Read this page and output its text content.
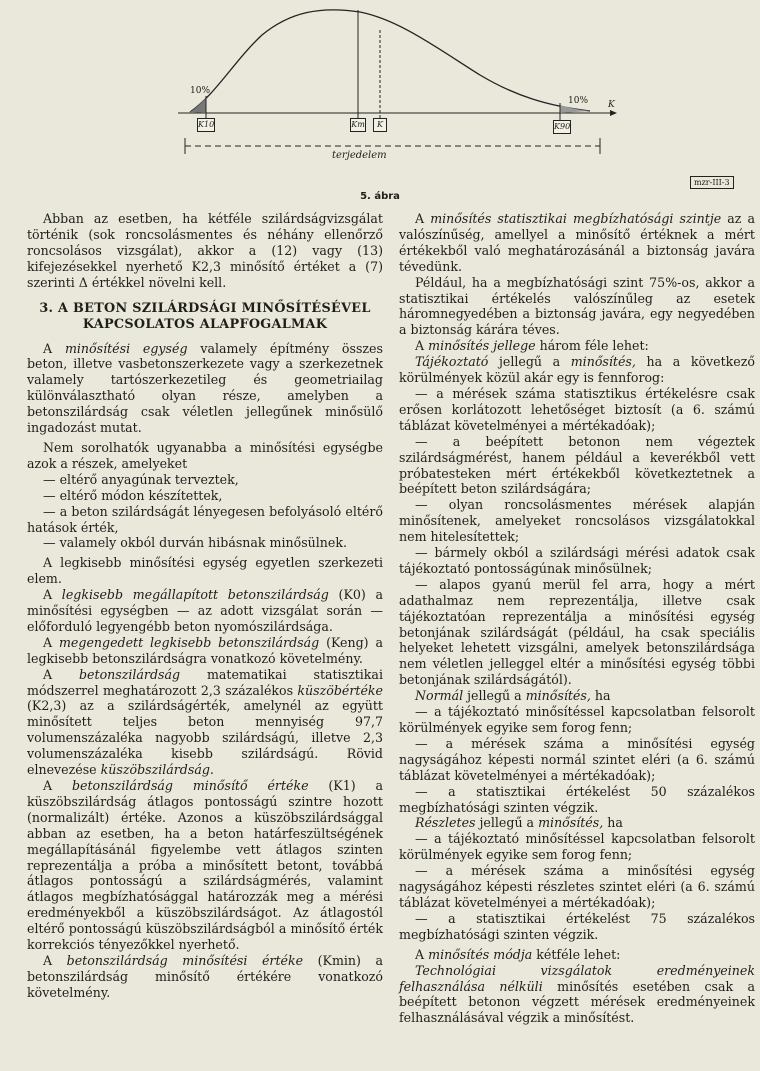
10%
10% K
K10	Km	K	K90
terjedelem
mzr-III-3
5. ábra

Abban az esetben, ha kétféle szilárdságvizsgálat történik (sok roncsolásmentes és néhány ellenőrző roncsolásos vizsgálat), akkor a (12) vagy (13) kifejezésekkel nyerhető K2,3 minősítő értéket a (7) szerinti Δ értékkel növelni kell.

3. A BETON SZILÁRDSÁGI MINŐSÍTÉSÉVEL KAPCSOLATOS ALAPFOGALMAK

A minősítési egység valamely építmény összes beton, illetve vasbetonszerkezete vagy a szerkezetnek valamely tartószerkezetileg és geometriailag különválasztható olyan része, amelyben a betonszilárdság csak véletlen jellegűnek minősülő ingadozást mutat.

Nem sorolhatók ugyanabba a minősítési egységbe azok a részek, amelyeket

— eltérő anyagúnak terveztek,

— eltérő módon készítettek,

— a beton szilárdságát lényegesen befolyásoló eltérő hatások érték,

— valamely okból durván hibásnak minősülnek.

A legkisebb minősítési egység egyetlen szerkezeti elem.

A legkisebb megállapított betonszilárdság (K0) a minősítési egységben — az adott vizsgálat során — előforduló legyengébb beton nyomószilárdsága.

A megengedett legkisebb betonszilárdság (Keng) a legkisebb betonszilárdságra vonatkozó követelmény.

A betonszilárdság matematikai statisztikai módszerrel meghatározott 2,3 százalékos küszöbértéke (K2,3) az a szilárdságérték, amelynél az együtt minősített teljes beton mennyiség 97,7 volumenszázaléka nagyobb szilárdságú, illetve 2,3 volumenszázaléka kisebb szilárdságú. Rövid elnevezése küszöbszilárdság.

A betonszilárdság minősítő értéke (K1) a küszöbszilárdság átlagos pontosságú szintre hozott (normalizált) értéke. Azonos a küszöbszilárdsággal abban az esetben, ha a beton határfeszültségének megállapításánál figyelembe vett átlagos szinten reprezentálja a próba a minősített betont, továbbá átlagos pontosságú a szilárdságmérés, valamint átlagos megbízhatósággal határozzák meg a mérési eredményekből a küszöbszilárdságot. Az átlagostól eltérő pontosságú küszöbszilárdságból a minősítő érték korrekciós tényezőkkel nyerhető.

A betonszilárdság minősítési értéke (Kmin) a betonszilárdság minősítő értékére vonatkozó követelmény.

A minősítés statisztikai megbízhatósági szintje az a valószínűség, amellyel a minősítő értéknek a mért értékekből való meghatározásánál a biztonság javára tévedünk.

Például, ha a megbízhatósági szint 75%-os, akkor a statisztikai értékelés valószínűleg az esetek háromnegyedében a biztonság javára, egy negyedében a biztonság kárára téves.

A minősítés jellege három féle lehet:

Tájékoztató jellegű a minősítés, ha a következő körülmények közül akár egy is fennforog:

— a mérések száma statisztikus értékelésre csak erősen korlátozott lehetőséget biztosít (a 6. számú táblázat követelményei a mértékadóak);

— a beépített betonon nem végeztek szilárdságmérést, hanem például a keverékből vett próbatesteken mért értékekből következtetnek a beépített beton szilárdságára;

— olyan roncsolásmentes mérések alapján minősítenek, amelyeket roncsolásos vizsgálatokkal nem hitelesítettek;

— bármely okból a szilárdsági mérési adatok csak tájékoztató pontosságúnak minősülnek;

— alapos gyanú merül fel arra, hogy a mért adathalmaz nem reprezentálja, illetve csak tájékoztatóan reprezentálja a minősítési egység betonjának szilárdságát (például, ha csak speciális helyeket lehetett vizsgálni, amelyek betonszilárdsága nem véletlen jelleggel eltér a minősítési egység többi betonjának szilárdságától).

Normál jellegű a minősítés, ha

— a tájékoztató minősítéssel kapcsolatban felsorolt körülmények egyike sem forog fenn;

— a mérések száma a minősítési egység nagyságához képesti normál szintet eléri (a 6. számú táblázat követelményei a mértékadóak);

— a statisztikai értékelést 50 százalékos megbízhatósági szinten végzik.

Részletes jellegű a minősítés, ha

— a tájékoztató minősítéssel kapcsolatban felsorolt körülmények egyike sem forog fenn;

— a mérések száma a minősítési egység nagyságához képesti részletes szintet eléri (a 6. számú táblázat követelményei a mértékadóak);

— a statisztikai értékelést 75 százalékos megbízhatósági szinten végzik.

A minősítés módja kétféle lehet:

Technológiai vizsgálatok eredményeinek felhasználása nélküli minősítés esetében csak a beépített betonon végzett mérések eredményeinek felhasználásával végzik a minősítést.
